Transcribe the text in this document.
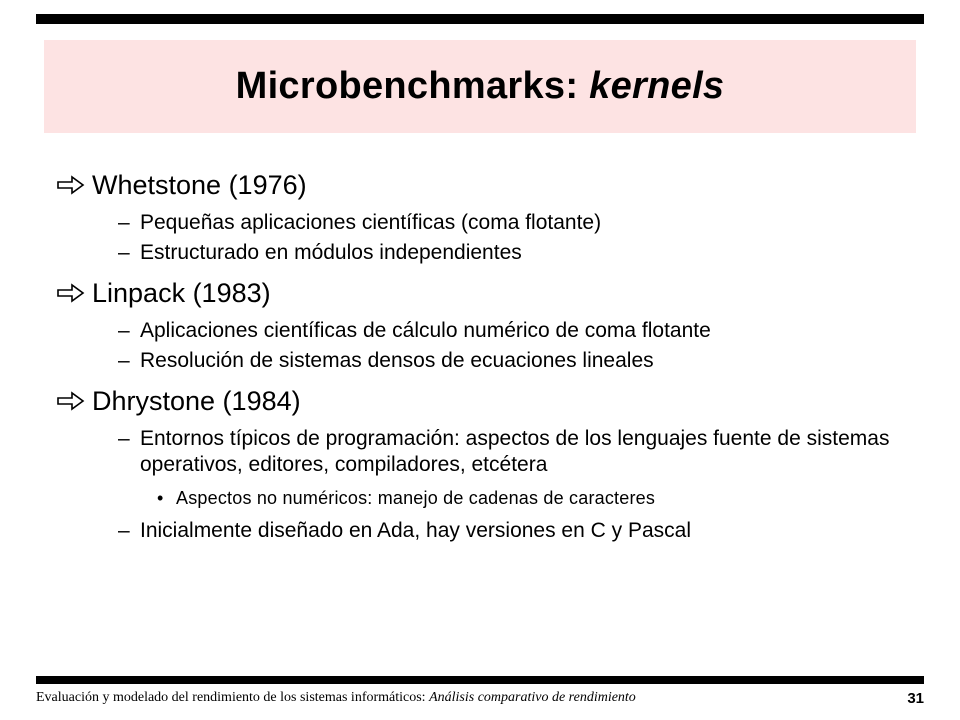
Microbenchmarks: kernels
Whetstone (1976)
– Pequeñas aplicaciones científicas (coma flotante)
– Estructurado en módulos independientes
Linpack (1983)
– Aplicaciones científicas de cálculo numérico de coma flotante
– Resolución de sistemas densos de ecuaciones lineales
Dhrystone (1984)
– Entornos típicos de programación: aspectos de los lenguajes fuente de sistemas operativos, editores, compiladores, etcétera
• Aspectos no numéricos: manejo de cadenas de caracteres
– Inicialmente diseñado en Ada, hay versiones en C y Pascal
Evaluación y modelado del rendimiento de los sistemas informáticos: Análisis comparativo de rendimiento	31
